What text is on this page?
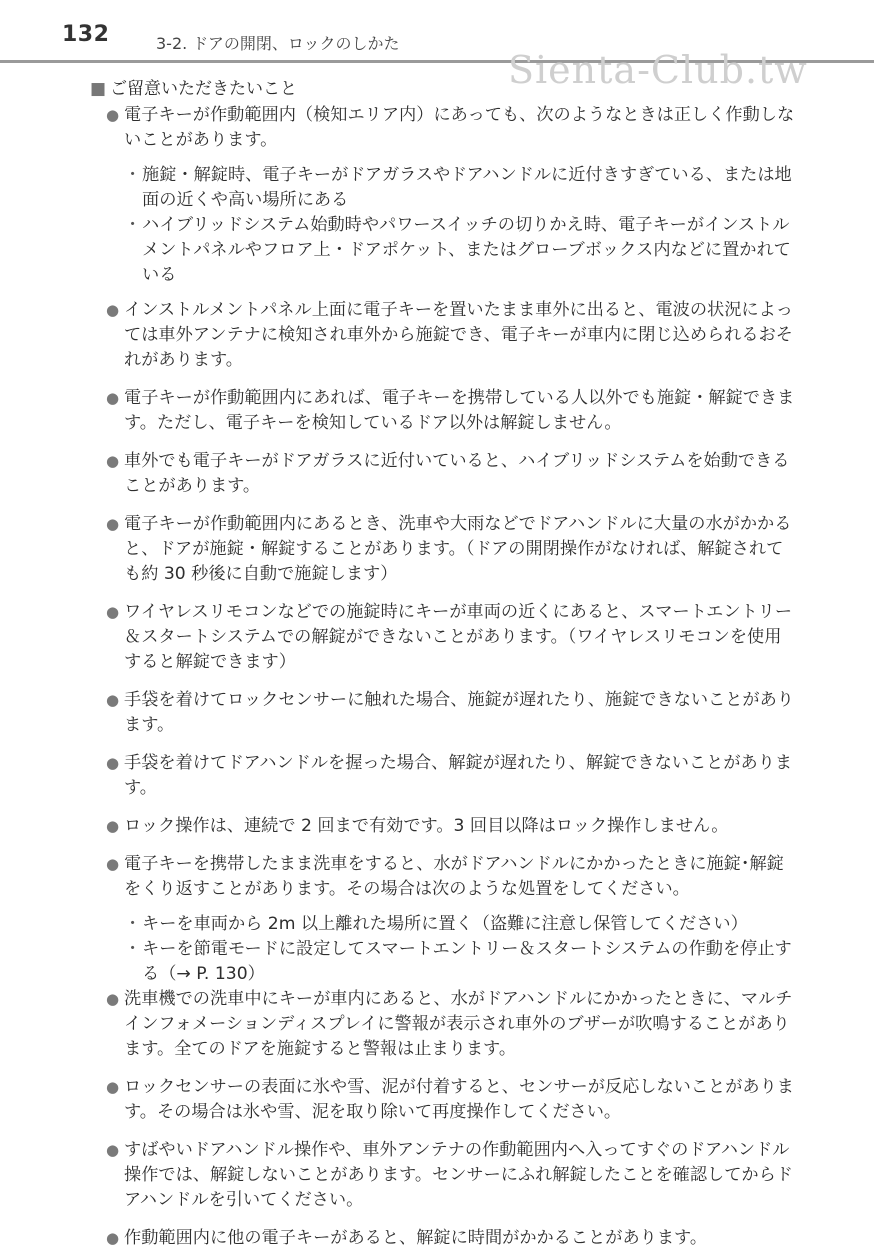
132	3-2. ドアの開閉、ロックのしかた
Sienta-Club.tw
■ ご留意いただきたいこと

● 電子キーが作動範囲内（検知エリア内）にあっても、次のようなときは正しく作動しないことがあります。

・ 施錠・解錠時、電子キーがドアガラスやドアハンドルに近付きすぎている、または地面の近くや高い場所にある

・ ハイブリッドシステム始動時やパワースイッチの切りかえ時、電子キーがインストルメントパネルやフロア上・ドアポケット、またはグローブボックス内などに置かれている

● インストルメントパネル上面に電子キーを置いたまま車外に出ると、電波の状況によっては車外アンテナに検知され車外から施錠でき、電子キーが車内に閉じ込められるおそれがあります。

● 電子キーが作動範囲内にあれば、電子キーを携帯している人以外でも施錠・解錠できます。ただし、電子キーを検知しているドア以外は解錠しません。

● 車外でも電子キーがドアガラスに近付いていると、ハイブリッドシステムを始動できることがあります。

● 電子キーが作動範囲内にあるとき、洗車や大雨などでドアハンドルに大量の水がかかると、ドアが施錠・解錠することがあります。（ドアの開閉操作がなければ、解錠されても約 30 秒後に自動で施錠します）

● ワイヤレスリモコンなどでの施錠時にキーが車両の近くにあると、スマートエントリー＆スタートシステムでの解錠ができないことがあります。（ワイヤレスリモコンを使用すると解錠できます）

● 手袋を着けてロックセンサーに触れた場合、施錠が遅れたり、施錠できないことがあります。

● 手袋を着けてドアハンドルを握った場合、解錠が遅れたり、解錠できないことがあります。

● ロック操作は、連続で 2 回まで有効です。3 回目以降はロック操作しません。

● 電子キーを携帯したまま洗車をすると、水がドアハンドルにかかったときに施錠･解錠をくり返すことがあります。その場合は次のような処置をしてください。

・ キーを車両から 2m 以上離れた場所に置く（盗難に注意し保管してください）

・ キーを節電モードに設定してスマートエントリー＆スタートシステムの作動を停止する（→ P. 130）

● 洗車機での洗車中にキーが車内にあると、水がドアハンドルにかかったときに、マルチインフォメーションディスプレイに警報が表示され車外のブザーが吹鳴することがあります。全てのドアを施錠すると警報は止まります。

● ロックセンサーの表面に氷や雪、泥が付着すると、センサーが反応しないことがあります。その場合は氷や雪、泥を取り除いて再度操作してください。

● すばやいドアハンドル操作や、車外アンテナの作動範囲内へ入ってすぐのドアハンドル操作では、解錠しないことがあります。センサーにふれ解錠したことを確認してからドアハンドルを引いてください。

● 作動範囲内に他の電子キーがあると、解錠に時間がかかることがあります。
